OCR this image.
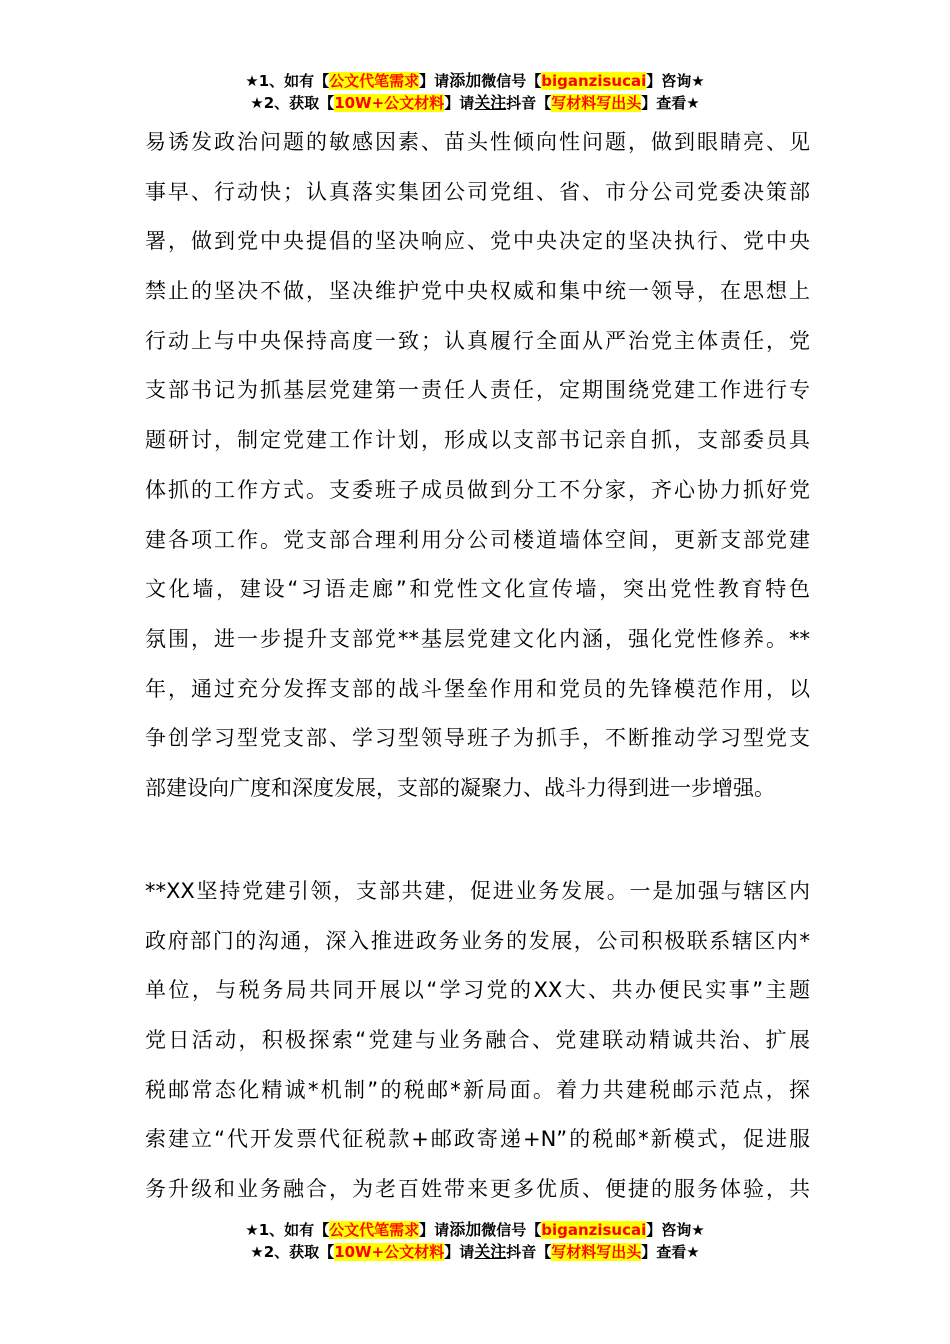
★1、如有【公文代笔需求】请添加微信号【biganzisucai】咨询★
★2、获取【10W+公文材料】请关注抖音【写材料写出头】查看★
易诱发政治问题的敏感因素、苗头性倾向性问题，做到眼睛亮、见
事早、行动快；认真落实集团公司党组、省、市分公司党委决策部
署，做到党中央提倡的坚决响应、党中央决定的坚决执行、党中央
禁止的坚决不做，坚决维护党中央权威和集中统一领导，在思想上
行动上与中央保持高度一致；认真履行全面从严治党主体责任，党
支部书记为抓基层党建第一责任人责任，定期围绕党建工作进行专
题研讨，制定党建工作计划，形成以支部书记亲自抓，支部委员具
体抓的工作方式。支委班子成员做到分工不分家，齐心协力抓好党
建各项工作。党支部合理利用分公司楼道墙体空间，更新支部党建
文化墙，建设“习语走廊”和党性文化宣传墙，突出党性教育特色
氛围，进一步提升支部党**基层党建文化内涵，强化党性修养。**
年，通过充分发挥支部的战斗堡垒作用和党员的先锋模范作用，以
争创学习型党支部、学习型领导班子为抓手，不断推动学习型党支
部建设向广度和深度发展，支部的凝聚力、战斗力得到进一步增强。
**XX坚持党建引领，支部共建，促进业务发展。一是加强与辖区内
政府部门的沟通，深入推进政务业务的发展，公司积极联系辖区内*
单位，与税务局共同开展以“学习党的XX大、共办便民实事”主题
党日活动，积极探索“党建与业务融合、党建联动精诚共治、扩展
税邮常态化精诚*机制”的税邮*新局面。着力共建税邮示范点，探
索建立“代开发票代征税款+邮政寄递+N”的税邮*新模式，促进服
务升级和业务融合，为老百姓带来更多优质、便捷的服务体验，共
★1、如有【公文代笔需求】请添加微信号【biganzisucai】咨询★
★2、获取【10W+公文材料】请关注抖音【写材料写出头】查看★
